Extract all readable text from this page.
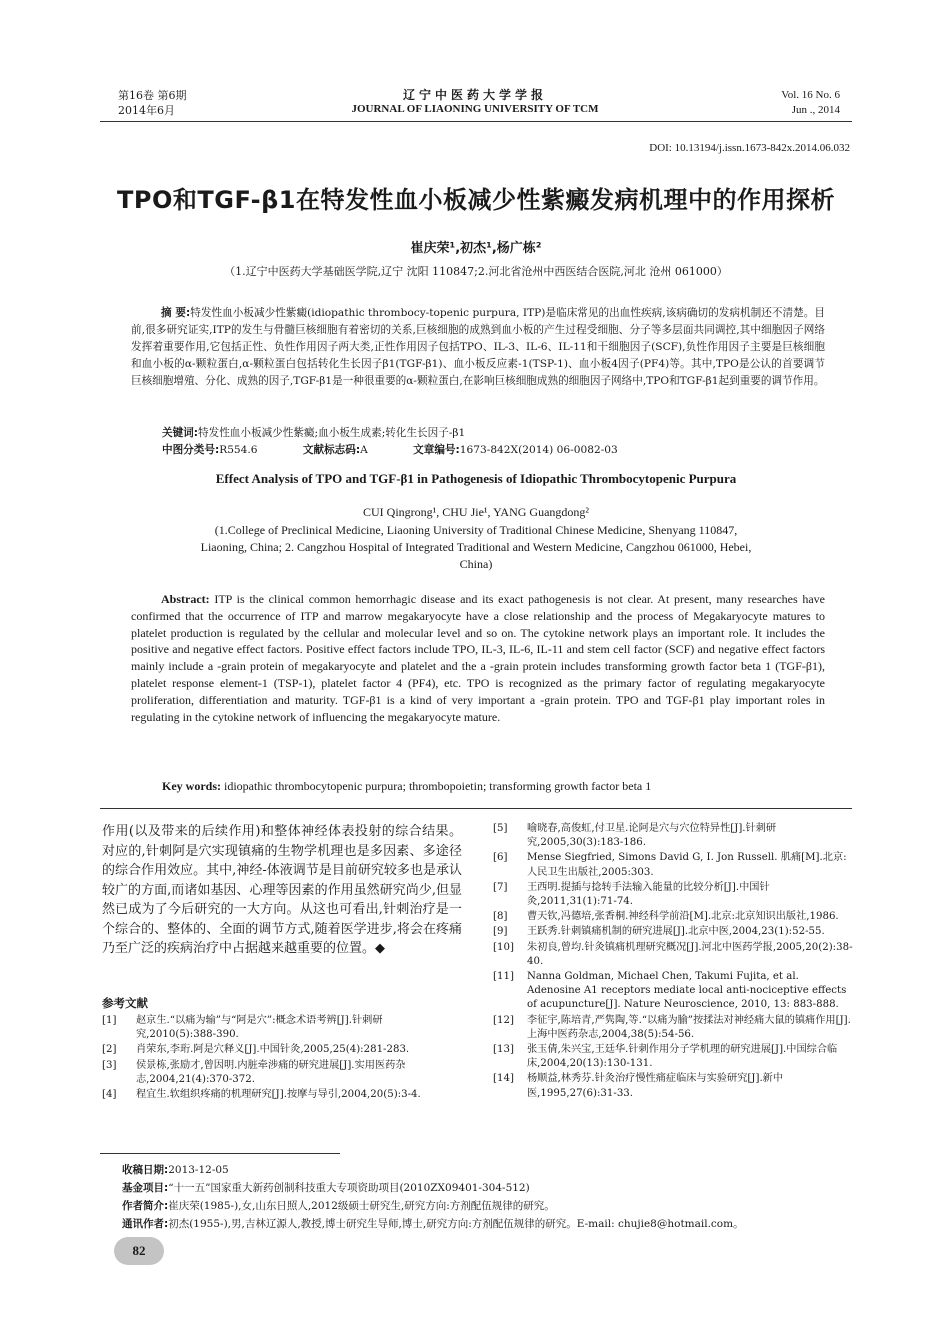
第16卷 第6期
2014年6月
辽宁中医药大学学报
JOURNAL OF LIAONING UNIVERSITY OF TCM
Vol. 16 No. 6
Jun ., 2014
DOI: 10.13194/j.issn.1673-842x.2014.06.032
TPO和TGF-β1在特发性血小板减少性紫癜发病机理中的作用探析
崔庆荣¹,初杰¹,杨广栋²
（1.辽宁中医药大学基础医学院,辽宁 沈阳 110847;2.河北省沧州中西医结合医院,河北 沧州 061000）
摘 要:特发性血小板减少性紫癜(idiopathic thrombocy-topenic purpura, ITP)是临床常见的出血性疾病,该病确切的发病机制还不清楚。目前,很多研究证实,ITP的发生与骨髓巨核细胞有着密切的关系,巨核细胞的成熟到血小板的产生过程受细胞、分子等多层面共同调控,其中细胞因子网络发挥着重要作用,它包括正性、负性作用因子两大类,正性作用因子包括TPO、IL-3、IL-6、IL-11和干细胞因子(SCF),负性作用因子主要是巨核细胞和血小板的α-颗粒蛋白,α-颗粒蛋白包括转化生长因子β1(TGF-β1)、血小板反应素-1(TSP-1)、血小板4因子(PF4)等。其中,TPO是公认的首要调节巨核细胞增殖、分化、成熟的因子,TGF-β1是一种很重要的α-颗粒蛋白,在影响巨核细胞成熟的细胞因子网络中,TPO和TGF-β1起到重要的调节作用。
关键词:特发性血小板减少性紫癜;血小板生成素;转化生长因子-β1
中图分类号:R554.6	文献标志码:A	文章编号:1673-842X(2014) 06-0082-03
Effect Analysis of TPO and TGF-β1 in Pathogenesis of Idiopathic Thrombocytopenic Purpura
CUI Qingrong¹, CHU Jie¹, YANG Guangdong²
(1.College of Preclinical Medicine, Liaoning University of Traditional Chinese Medicine, Shenyang 110847, Liaoning, China; 2. Cangzhou Hospital of Integrated Traditional and Western Medicine, Cangzhou 061000, Hebei, China)
Abstract: ITP is the clinical common hemorrhagic disease and its exact pathogenesis is not clear. At present, many researches have confirmed that the occurrence of ITP and marrow megakaryocyte have a close relationship and the process of Megakaryocyte matures to platelet production is regulated by the cellular and molecular level and so on. The cytokine network plays an important role. It includes the positive and negative effect factors. Positive effect factors include TPO, IL-3, IL-6, IL-11 and stem cell factor (SCF) and negative effect factors mainly include a -grain protein of megakaryocyte and platelet and the a -grain protein includes transforming growth factor beta 1 (TGF-β1), platelet response element-1 (TSP-1), platelet factor 4 (PF4), etc. TPO is recognized as the primary factor of regulating megakaryocyte proliferation, differentiation and maturity. TGF-β1 is a kind of very important a -grain protein. TPO and TGF-β1 play important roles in regulating in the cytokine network of influencing the megakaryocyte mature.
Key words: idiopathic thrombocytopenic purpura; thrombopoietin; transforming growth factor beta 1
作用(以及带来的后续作用)和整体神经体表投射的综合结果。对应的,针刺阿是穴实现镇痛的生物学机理也是多因素、多途径的综合作用效应。其中,神经-体液调节是目前研究较多也是承认较广的方面,而诸如基因、心理等因素的作用虽然研究尚少,但显然已成为了今后研究的一大方向。从这也可看出,针刺治疗是一个综合的、整体的、全面的调节方式,随着医学进步,将会在疼痛乃至广泛的疾病治疗中占据越来越重要的位置。◆
参考文献
[1] 赵京生.“以痛为输”与“阿是穴”:概念术语考辨[J].针刺研究,2010(5):388-390.
[2] 肖荣东,李珩.阿是穴释义[J].中国针灸,2005,25(4):281-283.
[3] 侯景栋,张励才,曾因明.内脏牵涉痛的研究进展[J].实用医药杂志,2004,21(4):370-372.
[4] 程宜生.软组织疼痛的机理研究[J].按摩与导引,2004,20(5):3-4.
[5] 喻晓春,高俊虹,付卫星.论阿是穴与穴位特异性[J].针刺研究,2005,30(3):183-186.
[6] Mense Siegfried, Simons David G, I. Jon Russell. 肌痛[M].北京:人民卫生出版社,2005:303.
[7] 王西明.提插与捻转手法输入能量的比较分析[J].中国针灸,2011,31(1):71-74.
[8] 曹天钦,冯德培,张香桐.神经科学前沿[M].北京:北京知识出版社,1986.
[9] 王跃秀.针刺镇痛机制的研究进展[J].北京中医,2004,23(1):52-55.
[10] 朱初良,曾均.针灸镇痛机理研究概况[J].河北中医药学报,2005,20(2):38-40.
[11] Nanna Goldman, Michael Chen, Takumi Fujita, et al. Adenosine A1 receptors mediate local anti-nociceptive effects of acupuncture[J]. Nature Neuroscience, 2010, 13: 883-888.
[12] 李征宇,陈培青,严隽陶,等.“以痛为腧”按揉法对神经痛大鼠的镇痛作用[J].上海中医药杂志,2004,38(5):54-56.
[13] 张玉倩,朱兴宝,王廷华.针刺作用分子学机理的研究进展[J].中国综合临床,2004,20(13):130-131.
[14] 杨顺益,林秀芬.针灸治疗慢性痛症临床与实验研究[J].新中医,1995,27(6):31-33.
收稿日期:2013-12-05
基金项目:“十一五”国家重大新药创制科技重大专项资助项目(2010ZX09401-304-512)
作者简介:崔庆荣(1985-),女,山东日照人,2012级硕士研究生,研究方向:方剂配伍规律的研究。
通讯作者:初杰(1955-),男,吉林辽源人,教授,博士研究生导师,博士,研究方向:方剂配伍规律的研究。E-mail: chujie8@hotmail.com。
82
